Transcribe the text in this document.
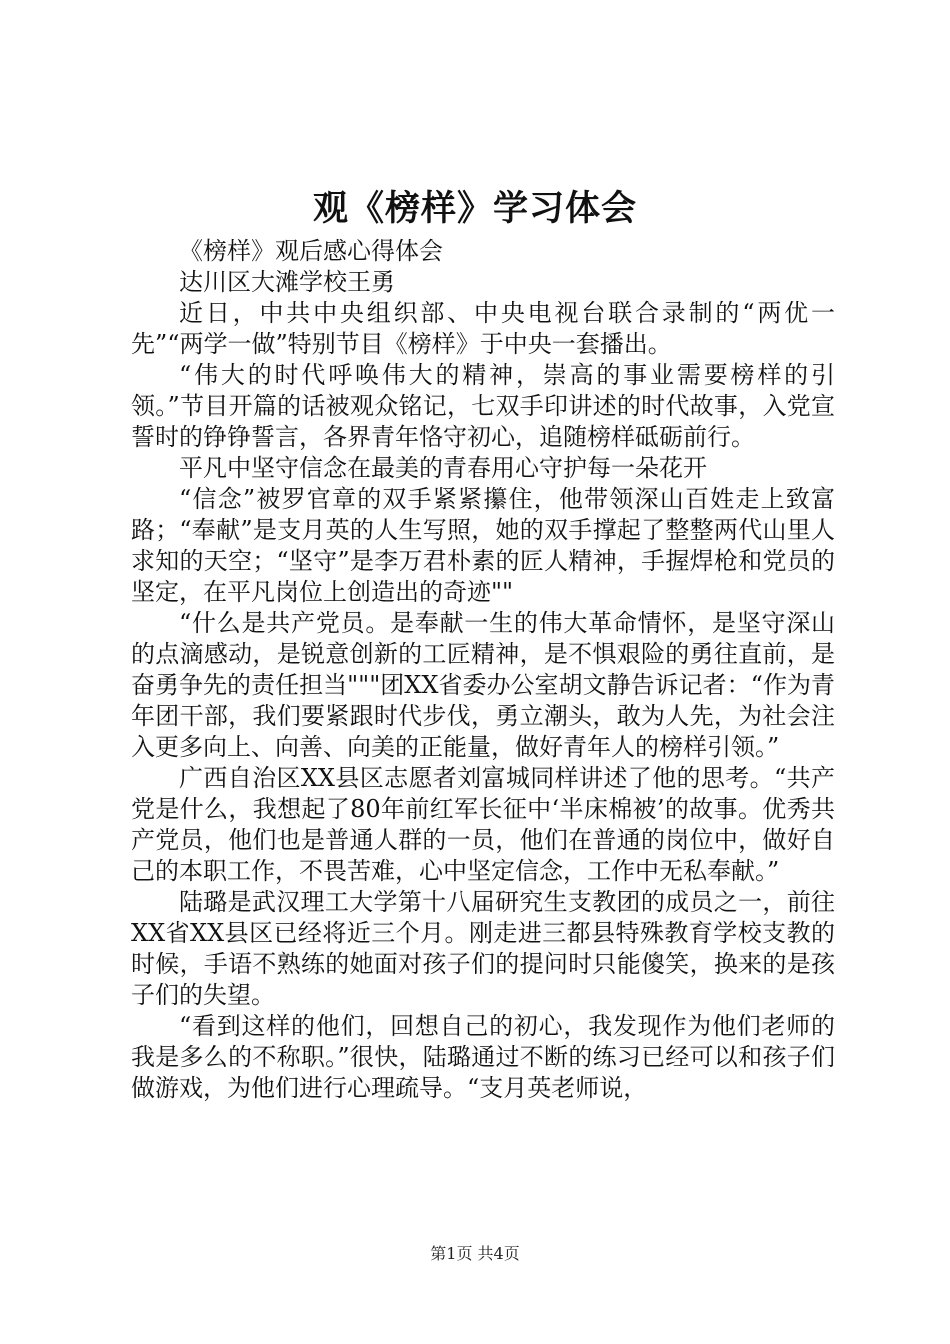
观《榜样》学习体会

《榜样》观后感心得体会

达川区大滩学校王勇

近日，中共中央组织部、中央电视台联合录制的“两优一先”“两学一做”特别节目《榜样》于中央一套播出。

“伟大的时代呼唤伟大的精神，崇高的事业需要榜样的引领。”节目开篇的话被观众铭记，七双手印讲述的时代故事，入党宣誓时的铮铮誓言，各界青年恪守初心，追随榜样砥砺前行。

平凡中坚守信念在最美的青春用心守护每一朵花开

“信念”被罗官章的双手紧紧攥住，他带领深山百姓走上致富路；“奉献”是支月英的人生写照，她的双手撑起了整整两代山里人求知的天空；“坚守”是李万君朴素的匠人精神，手握焊枪和党员的坚定，在平凡岗位上创造出的奇迹""

“什么是共产党员。是奉献一生的伟大革命情怀，是坚守深山的点滴感动，是锐意创新的工匠精神，是不惧艰险的勇往直前，是奋勇争先的责任担当"""团XX省委办公室胡文静告诉记者：“作为青年团干部，我们要紧跟时代步伐，勇立潮头，敢为人先，为社会注入更多向上、向善、向美的正能量，做好青年人的榜样引领。”

广西自治区XX县区志愿者刘富城同样讲述了他的思考。“共产党是什么，我想起了80年前红军长征中‘半床棉被’的故事。优秀共产党员，他们也是普通人群的一员，他们在普通的岗位中，做好自己的本职工作，不畏苦难，心中坚定信念，工作中无私奉献。”

陆璐是武汉理工大学第十八届研究生支教团的成员之一，前往XX省XX县区已经将近三个月。刚走进三都县特殊教育学校支教的时候，手语不熟练的她面对孩子们的提问时只能傻笑，换来的是孩子们的失望。

“看到这样的他们，回想自己的初心，我发现作为他们老师的我是多么的不称职。”很快，陆璐通过不断的练习已经可以和孩子们做游戏，为他们进行心理疏导。“支月英老师说，

第1页 共4页
